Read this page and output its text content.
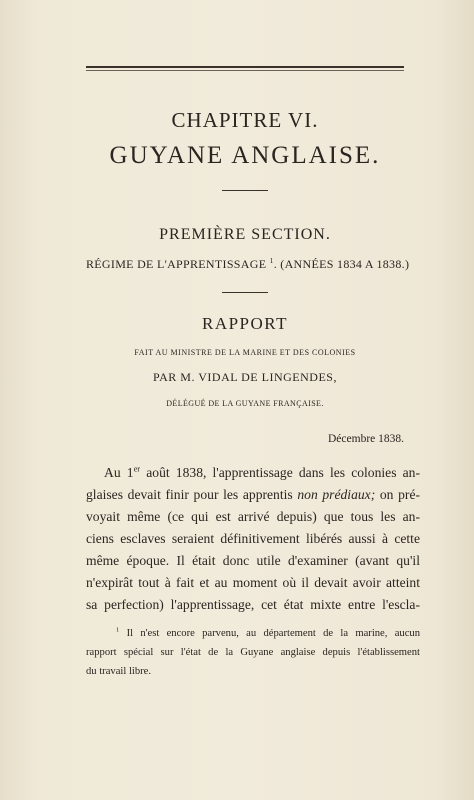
CHAPITRE VI.
GUYANE ANGLAISE.
PREMIÈRE SECTION.
RÉGIME DE L'APPRENTISSAGE $^1$. (ANNÉES 1834 A 1838.)
RAPPORT
FAIT AU MINISTRE DE LA MARINE ET DES COLONIES
PAR M. VIDAL DE LINGENDES,
DÉLÉGUÉ DE LA GUYANE FRANÇAISE.
Décembre 1838.
Au 1er août 1838, l'apprentissage dans les colonies an-
glaises devait finir pour les apprentis non prédiaux; on pré-
voyait même (ce qui est arrivé depuis) que tous les an-
ciens esclaves seraient définitivement libérés aussi à cette
même époque. Il était donc utile d'examiner (avant qu'il
n'expirât tout à fait et au moment où il devait avoir atteint
sa perfection) l'apprentissage, cet état mixte entre l'escla-
$^1$ Il n'est encore parvenu, au département de la marine, aucun
rapport spécial sur l'état de la Guyane anglaise depuis l'établissement
du travail libre.
